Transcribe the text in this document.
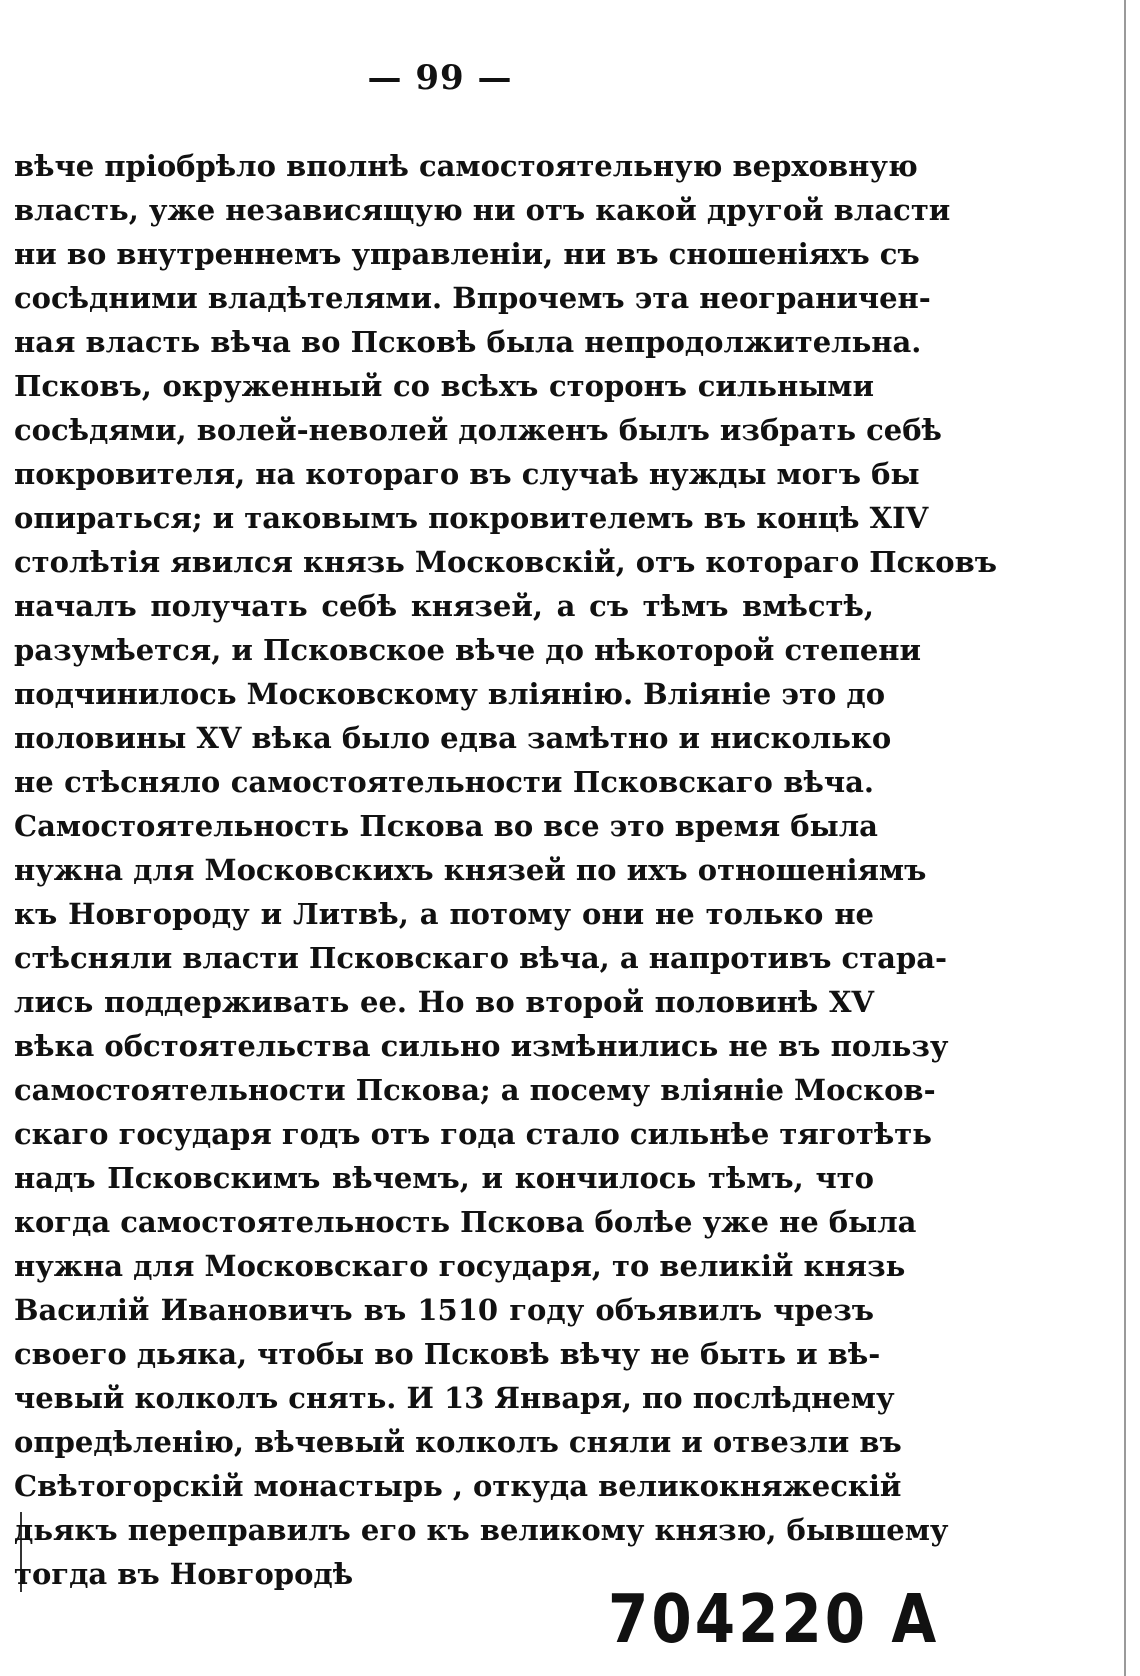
— 99 —
вѣче пріобрѣло вполнѣ самостоятельную верховную
власть, уже независящую ни отъ какой другой власти
ни во внутреннемъ управленіи, ни въ сношеніяхъ съ
сосѣдними владѣтелями. Впрочемъ эта неограничен-
ная власть вѣча во Псковѣ была непродолжительна.
Псковъ, окруженный со всѣхъ сторонъ сильными
сосѣдями, волей-неволей долженъ былъ избрать себѣ
покровителя, на котораго въ случаѣ нужды могъ бы
опираться; и таковымъ покровителемъ въ концѣ XIV
столѣтія явился князь Московскій, отъ котораго Псковъ
началъ получать себѣ князей, а съ тѣмъ вмѣстѣ,
разумѣется, и Псковское вѣче до нѣкоторой степени
подчинилось Московскому вліянію. Вліяніе это до
половины XV вѣка было едва замѣтно и нисколько
не стѣсняло самостоятельности Псковскаго вѣча.
Самостоятельность Пскова во все это время была
нужна для Московскихъ князей по ихъ отношеніямъ
къ Новгороду и Литвѣ, а потому они не только не
стѣсняли власти Псковскаго вѣча, а напротивъ стара-
лись поддерживать ее. Но во второй половинѣ XV
вѣка обстоятельства сильно измѣнились не въ пользу
самостоятельности Пскова; а посему вліяніе Москов-
скаго государя годъ отъ года стало сильнѣе тяготѣть
надъ Псковскимъ вѣчемъ, и кончилось тѣмъ, что
когда самостоятельность Пскова болѣе уже не была
нужна для Московскаго государя, то великій князь
Василій Ивановичъ въ 1510 году объявилъ чрезъ
своего дьяка, чтобы во Псковѣ вѣчу не быть и вѣ-
чевый колколъ снять. И 13 Января, по послѣднему
опредѣленію, вѣчевый колколъ сняли и отвезли въ
Свѣтогорскій монастырь , откуда великокняжескій
дьякъ переправилъ его къ великому князю, бывшему
тогда въ Новгородѣ
704220 A
